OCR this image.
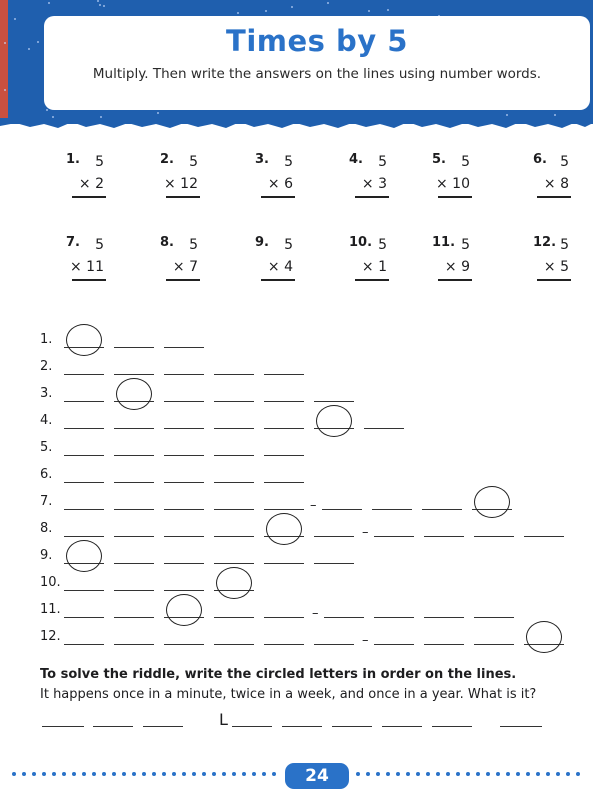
Times by 5
Multiply. Then write the answers on the lines using number words.
1. 5
× 2
2. 5
× 12
3. 5
× 6
4. 5
× 3
5. 5
× 10
6. 5
× 8
7. 5
× 11
8. 5
× 7
9. 5
× 4
10. 5
× 1
11. 5
× 9
12. 5
× 5
1.
2.
3.
4.
5.
6.
7.	–
8.	–
9.
10.
11.	–
12.	–
To solve the riddle, write the circled letters in order on the lines.
It happens once in a minute, twice in a week, and once in a year. What is it?
L
24
